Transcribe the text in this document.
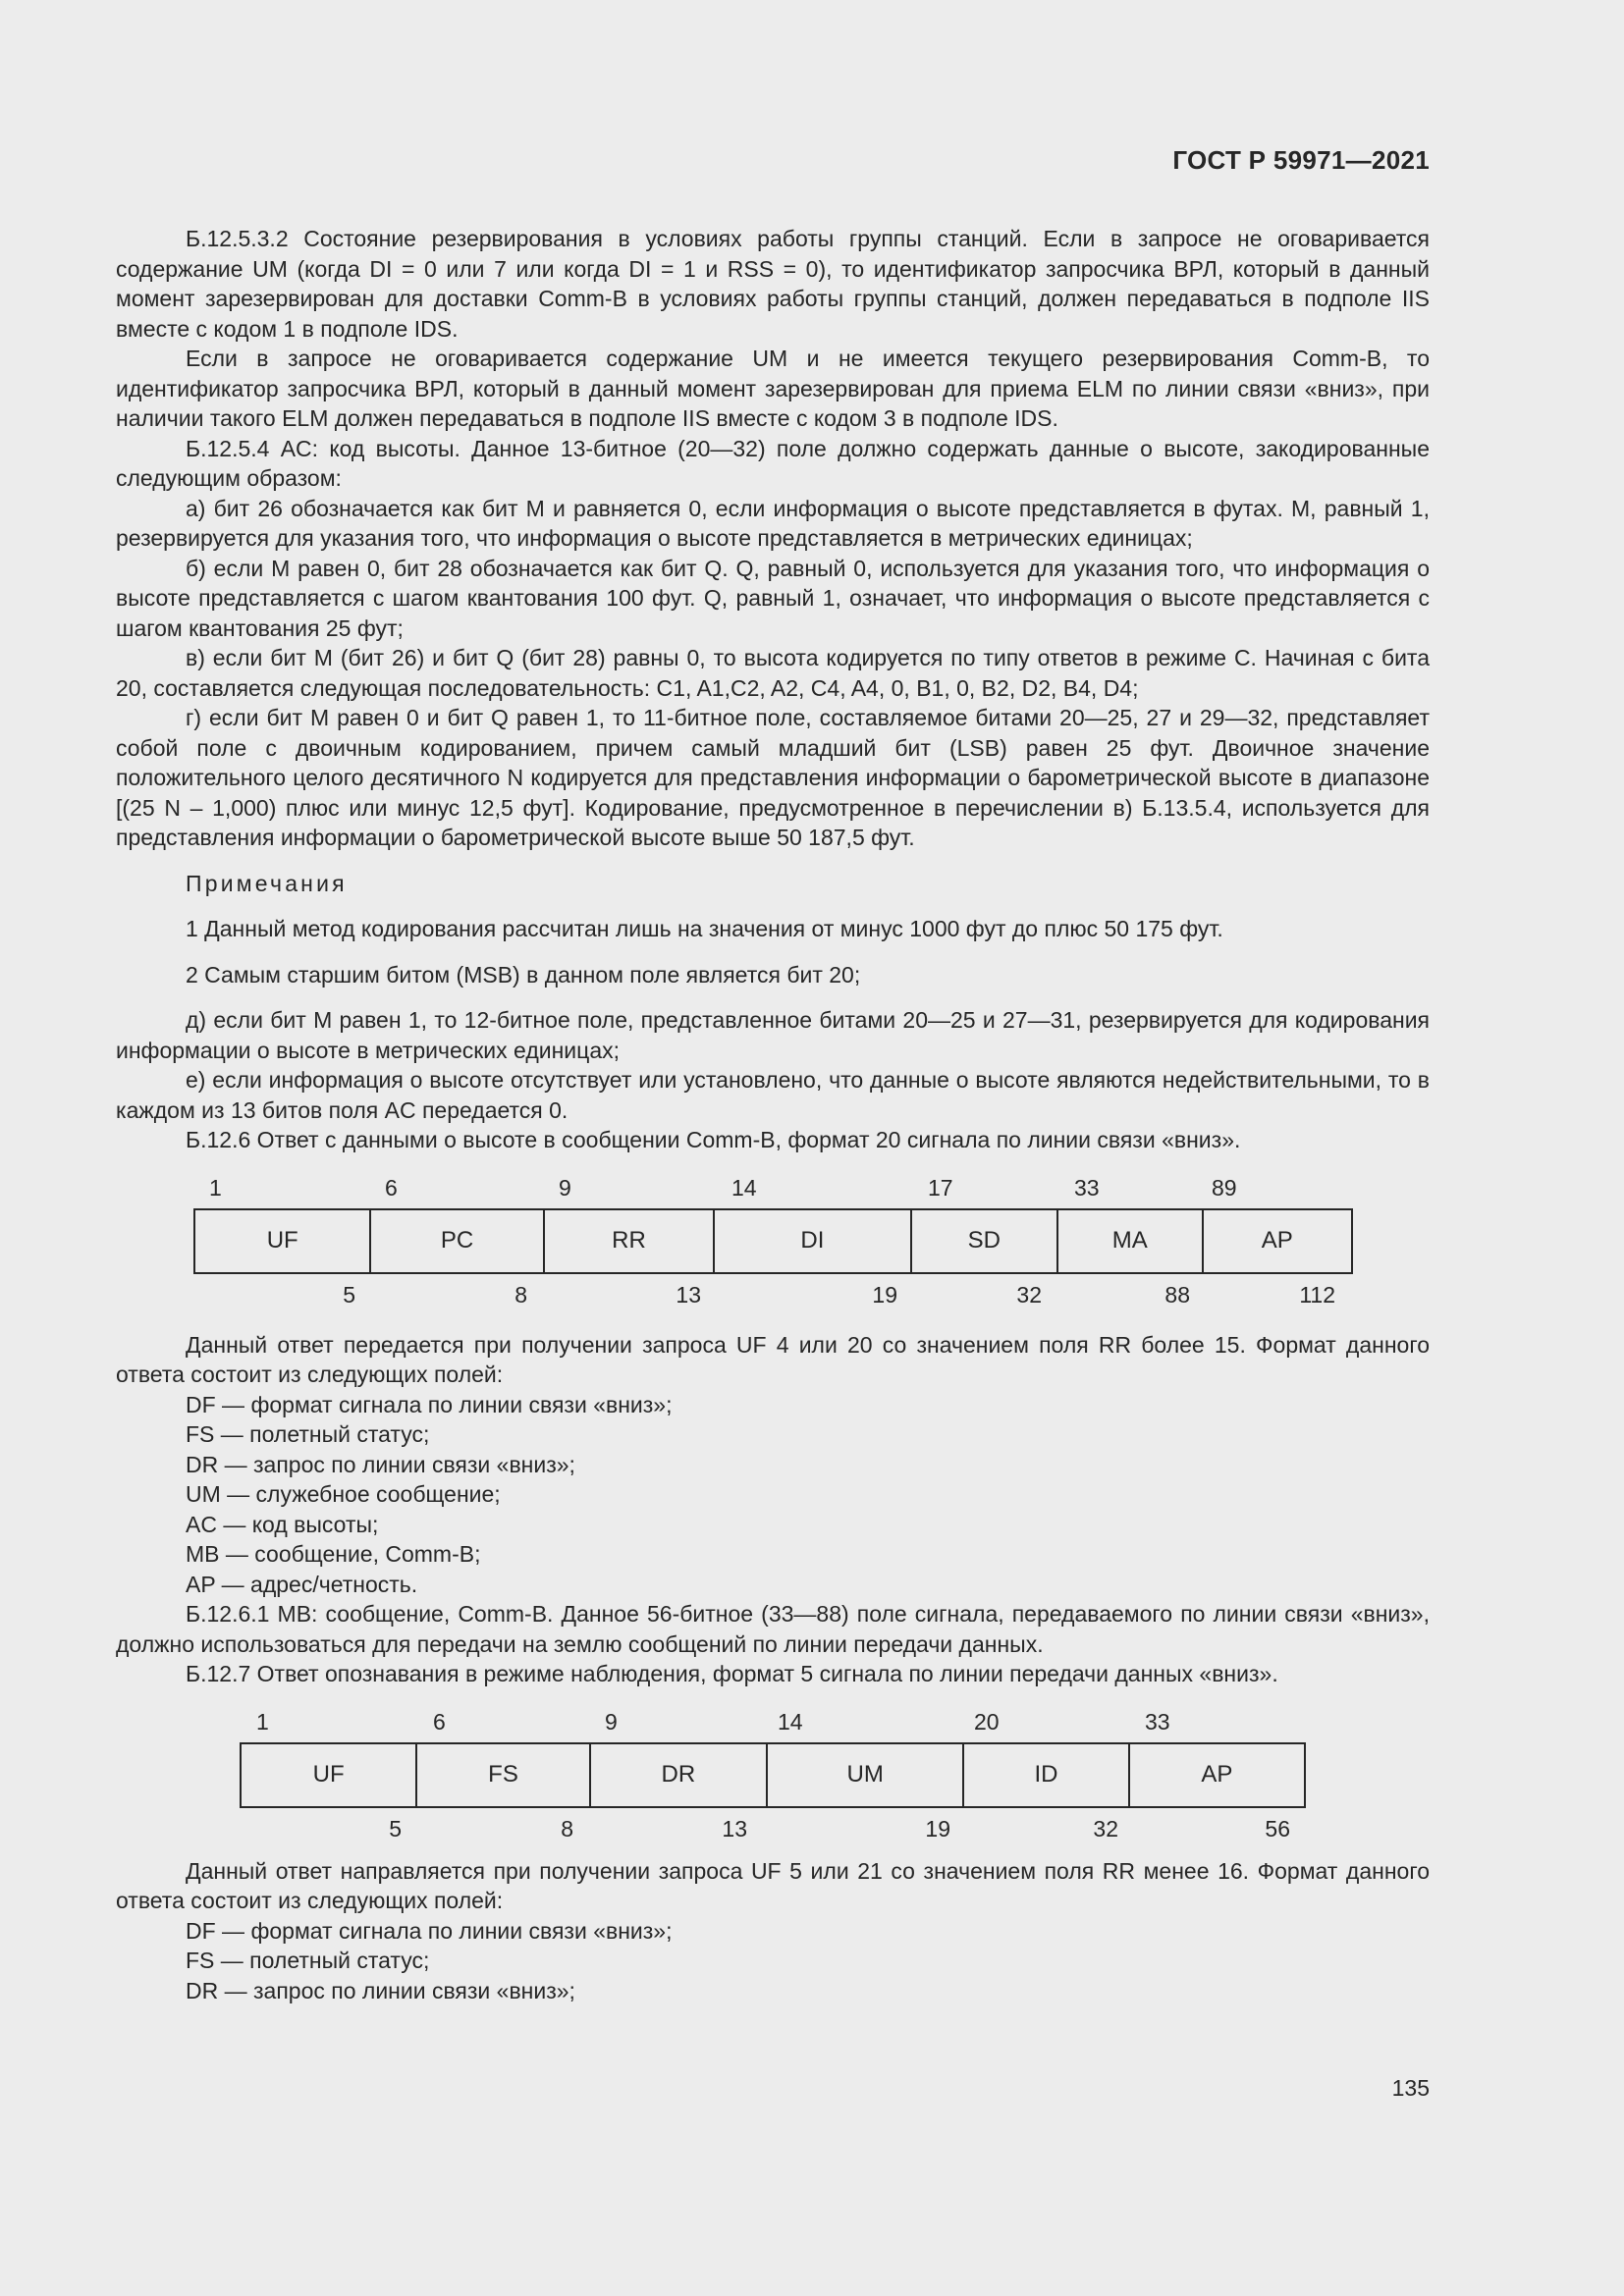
ГОСТ Р 59971—2021

Б.12.5.3.2 Состояние резервирования в условиях работы группы станций. Если в запросе не оговаривается содержание UM (когда DI = 0 или 7 или когда DI = 1 и RSS = 0), то идентификатор запросчика ВРЛ, который в данный момент зарезервирован для доставки Comm-B в условиях работы группы станций, должен передаваться в подполе IIS вместе с кодом 1 в подполе IDS.

Если в запросе не оговаривается содержание UM и не имеется текущего резервирования Comm-B, то идентификатор запросчика ВРЛ, который в данный момент зарезервирован для приема ELM по линии связи «вниз», при наличии такого ELM должен передаваться в подполе IIS вместе с кодом 3 в подполе IDS.

Б.12.5.4 AC: код высоты. Данное 13-битное (20—32) поле должно содержать данные о высоте, закодированные следующим образом:

а) бит 26 обозначается как бит М и равняется 0, если информация о высоте представляется в футах. М, равный 1, резервируется для указания того, что информация о высоте представляется в метрических единицах;

б) если М равен 0, бит 28 обозначается как бит Q. Q, равный 0, используется для указания того, что информация о высоте представляется с шагом квантования 100 фут. Q, равный 1, означает, что информация о высоте представляется с шагом квантования 25 фут;

в) если бит М (бит 26) и бит Q (бит 28) равны 0, то высота кодируется по типу ответов в режиме С. Начиная с бита 20, составляется следующая последовательность: C1, A1,C2, A2, C4, A4, 0, B1, 0, B2, D2, B4, D4;

г) если бит М равен 0 и бит Q равен 1, то 11-битное поле, составляемое битами 20—25, 27 и 29—32, представляет собой поле с двоичным кодированием, причем самый младший бит (LSB) равен 25 фут. Двоичное значение положительного целого десятичного N кодируется для представления информации о барометрической высоте в диапазоне [(25 N – 1,000) плюс или минус 12,5 фут]. Кодирование, предусмотренное в перечислении в) Б.13.5.4, используется для представления информации о барометрической высоте выше 50 187,5 фут.

Примечания

1 Данный метод кодирования рассчитан лишь на значения от минус 1000 фут до плюс 50 175 фут.

2 Самым старшим битом (MSB) в данном поле является бит 20;

д) если бит М равен 1, то 12-битное поле, представленное битами 20—25 и 27—31, резервируется для кодирования информации о высоте в метрических единицах;

е) если информация о высоте отсутствует или установлено, что данные о высоте являются недействительными, то в каждом из 13 битов поля AC передается 0.

Б.12.6 Ответ с данными о высоте в сообщении Comm-B, формат 20 сигнала по линии связи «вниз».

1	6	9	14	17	33	89
UF	PC	RR	DI	SD	MA	AP
5	8	13	19	32	88	112

Данный ответ передается при получении запроса UF 4 или 20 со значением поля RR более 15. Формат данного ответа состоит из следующих полей:

DF — формат сигнала по линии связи «вниз»;

FS — полетный статус;

DR — запрос по линии связи «вниз»;

UM — служебное сообщение;

AC — код высоты;

MB — сообщение, Comm-B;

AP — адрес/четность.

Б.12.6.1 MB: сообщение, Comm-B. Данное 56-битное (33—88) поле сигнала, передаваемого по линии связи «вниз», должно использоваться для передачи на землю сообщений по линии передачи данных.

Б.12.7 Ответ опознавания в режиме наблюдения, формат 5 сигнала по линии передачи данных «вниз».

1	6	9	14	20	33
UF	FS	DR	UM	ID	AP
5	8	13	19	32	56

Данный ответ направляется при получении запроса UF 5 или 21 со значением поля RR менее 16. Формат данного ответа состоит из следующих полей:

DF — формат сигнала по линии связи «вниз»;

FS — полетный статус;

DR — запрос по линии связи «вниз»;

135
